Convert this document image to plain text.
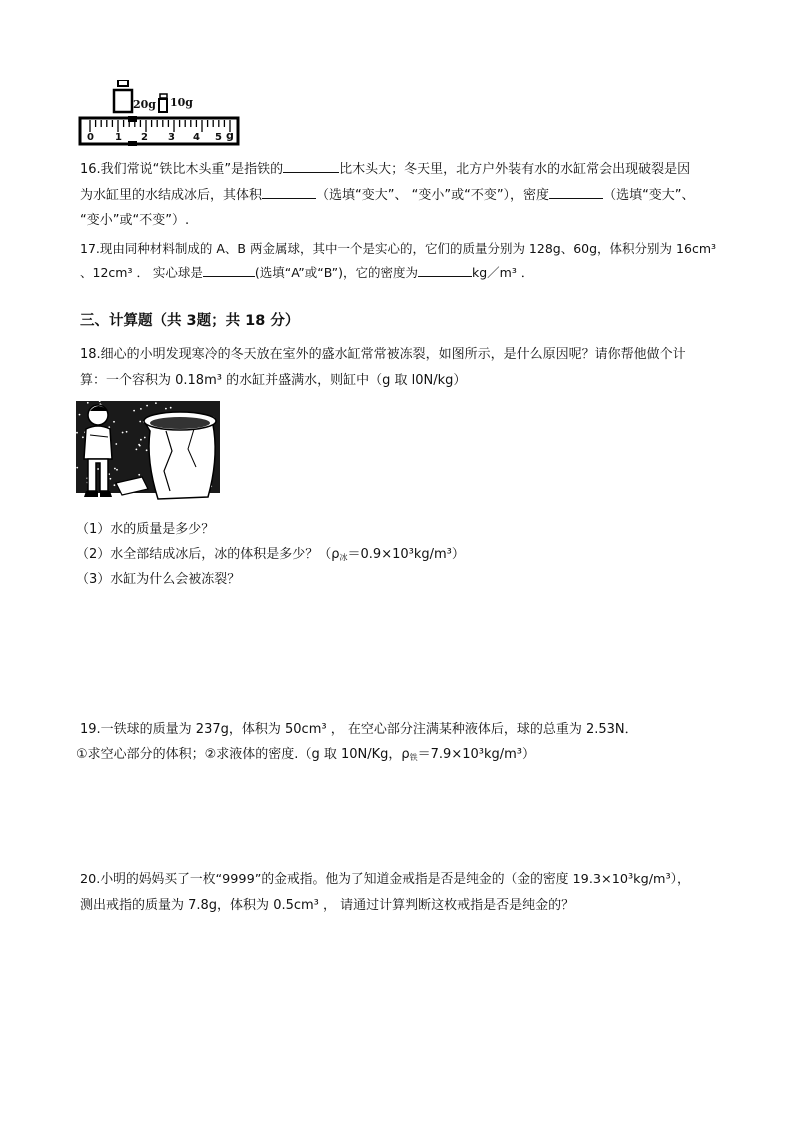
20g 10g
0 1 2 3 4 5 g
16.我们常说“铁比木头重”是指铁的	比木头大；冬天里，北方户外装有水的水缸常会出现破裂是因
为水缸里的水结成冰后，其体积	（选填“变大”、 “变小”或“不变”），密度	（选填“变大”、
“变小”或“不变”）.
17.现由同种材料制成的 A、B 两金属球，其中一个是实心的，它们的质量分别为 128g、60g，体积分别为 16cm³
、12cm³ ． 实心球是	(选填“A”或“B”)，它的密度为	kg／m³ ．
三、计算题（共 3题；共 18 分）
18.细心的小明发现寒冷的冬天放在室外的盛水缸常常被冻裂，如图所示，是什么原因呢？请你帮他做个计
算：一个容积为 0.18m³ 的水缸并盛满水，则缸中（g 取 l0N/kg）
（1）水的质量是多少？
（2）水全部结成冰后，冰的体积是多少？$(\rho_冰=0.9\times 10^3kg/m^3)$
（3）水缸为什么会被冻裂？
19.一铁球的质量为 237g，体积为 50cm³ ， 在空心部分注满某种液体后，球的总重为 2.53N．
①求空心部分的体积；②求液体的密度.（g 取 10N/Kg，$\rho_铁=7.9\times 10^3kg/m^3$）
20.小明的妈妈买了一枚“9999”的金戒指。他为了知道金戒指是否是纯金的（金的密度 19.3×10³kg/m³），
测出戒指的质量为 7.8g，体积为 0.5cm³ ， 请通过计算判断这枚戒指是否是纯金的？
